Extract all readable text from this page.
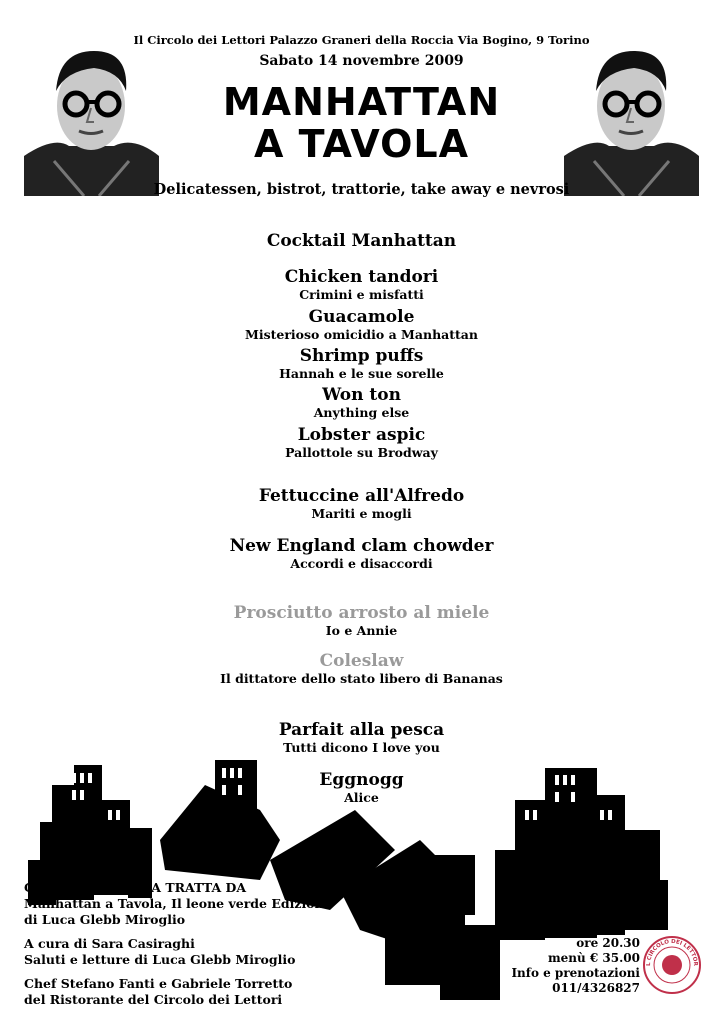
Il Circolo dei Lettori Palazzo Graneri della Roccia Via Bogino, 9 Torino
Sabato 14 novembre 2009
MANHATTAN
A TAVOLA
Delicatessen, bistrot, trattorie, take away e nevrosi
Cocktail Manhattan
Chicken tandori
Crimini e misfatti
Guacamole
Misterioso omicidio a Manhattan
Shrimp puffs
Hannah e le sue sorelle
Won ton
Anything else
Lobster aspic
Pallottole su Brodway
Fettuccine all'Alfredo
Mariti e mogli
New England clam chowder
Accordi e disaccordi
Prosciutto arrosto al miele
Io e Annie
Coleslaw
Il dittatore dello stato libero di Bananas
Parfait alla pesca
Tutti dicono I love you
Eggnogg
Alice
CENA LETTERARIA TRATTA DA
Manhattan a Tavola, Il leone verde Edizioni
di Luca Glebb Miroglio
A cura di Sara Casiraghi
Saluti e letture di Luca Glebb Miroglio
Chef Stefano Fanti e Gabriele Torretto
del Ristorante del Circolo dei Lettori
ore 20.30
menù € 35.00
Info e prenotazioni
011/4326827
L CIRCOLO DEI LETTOR
